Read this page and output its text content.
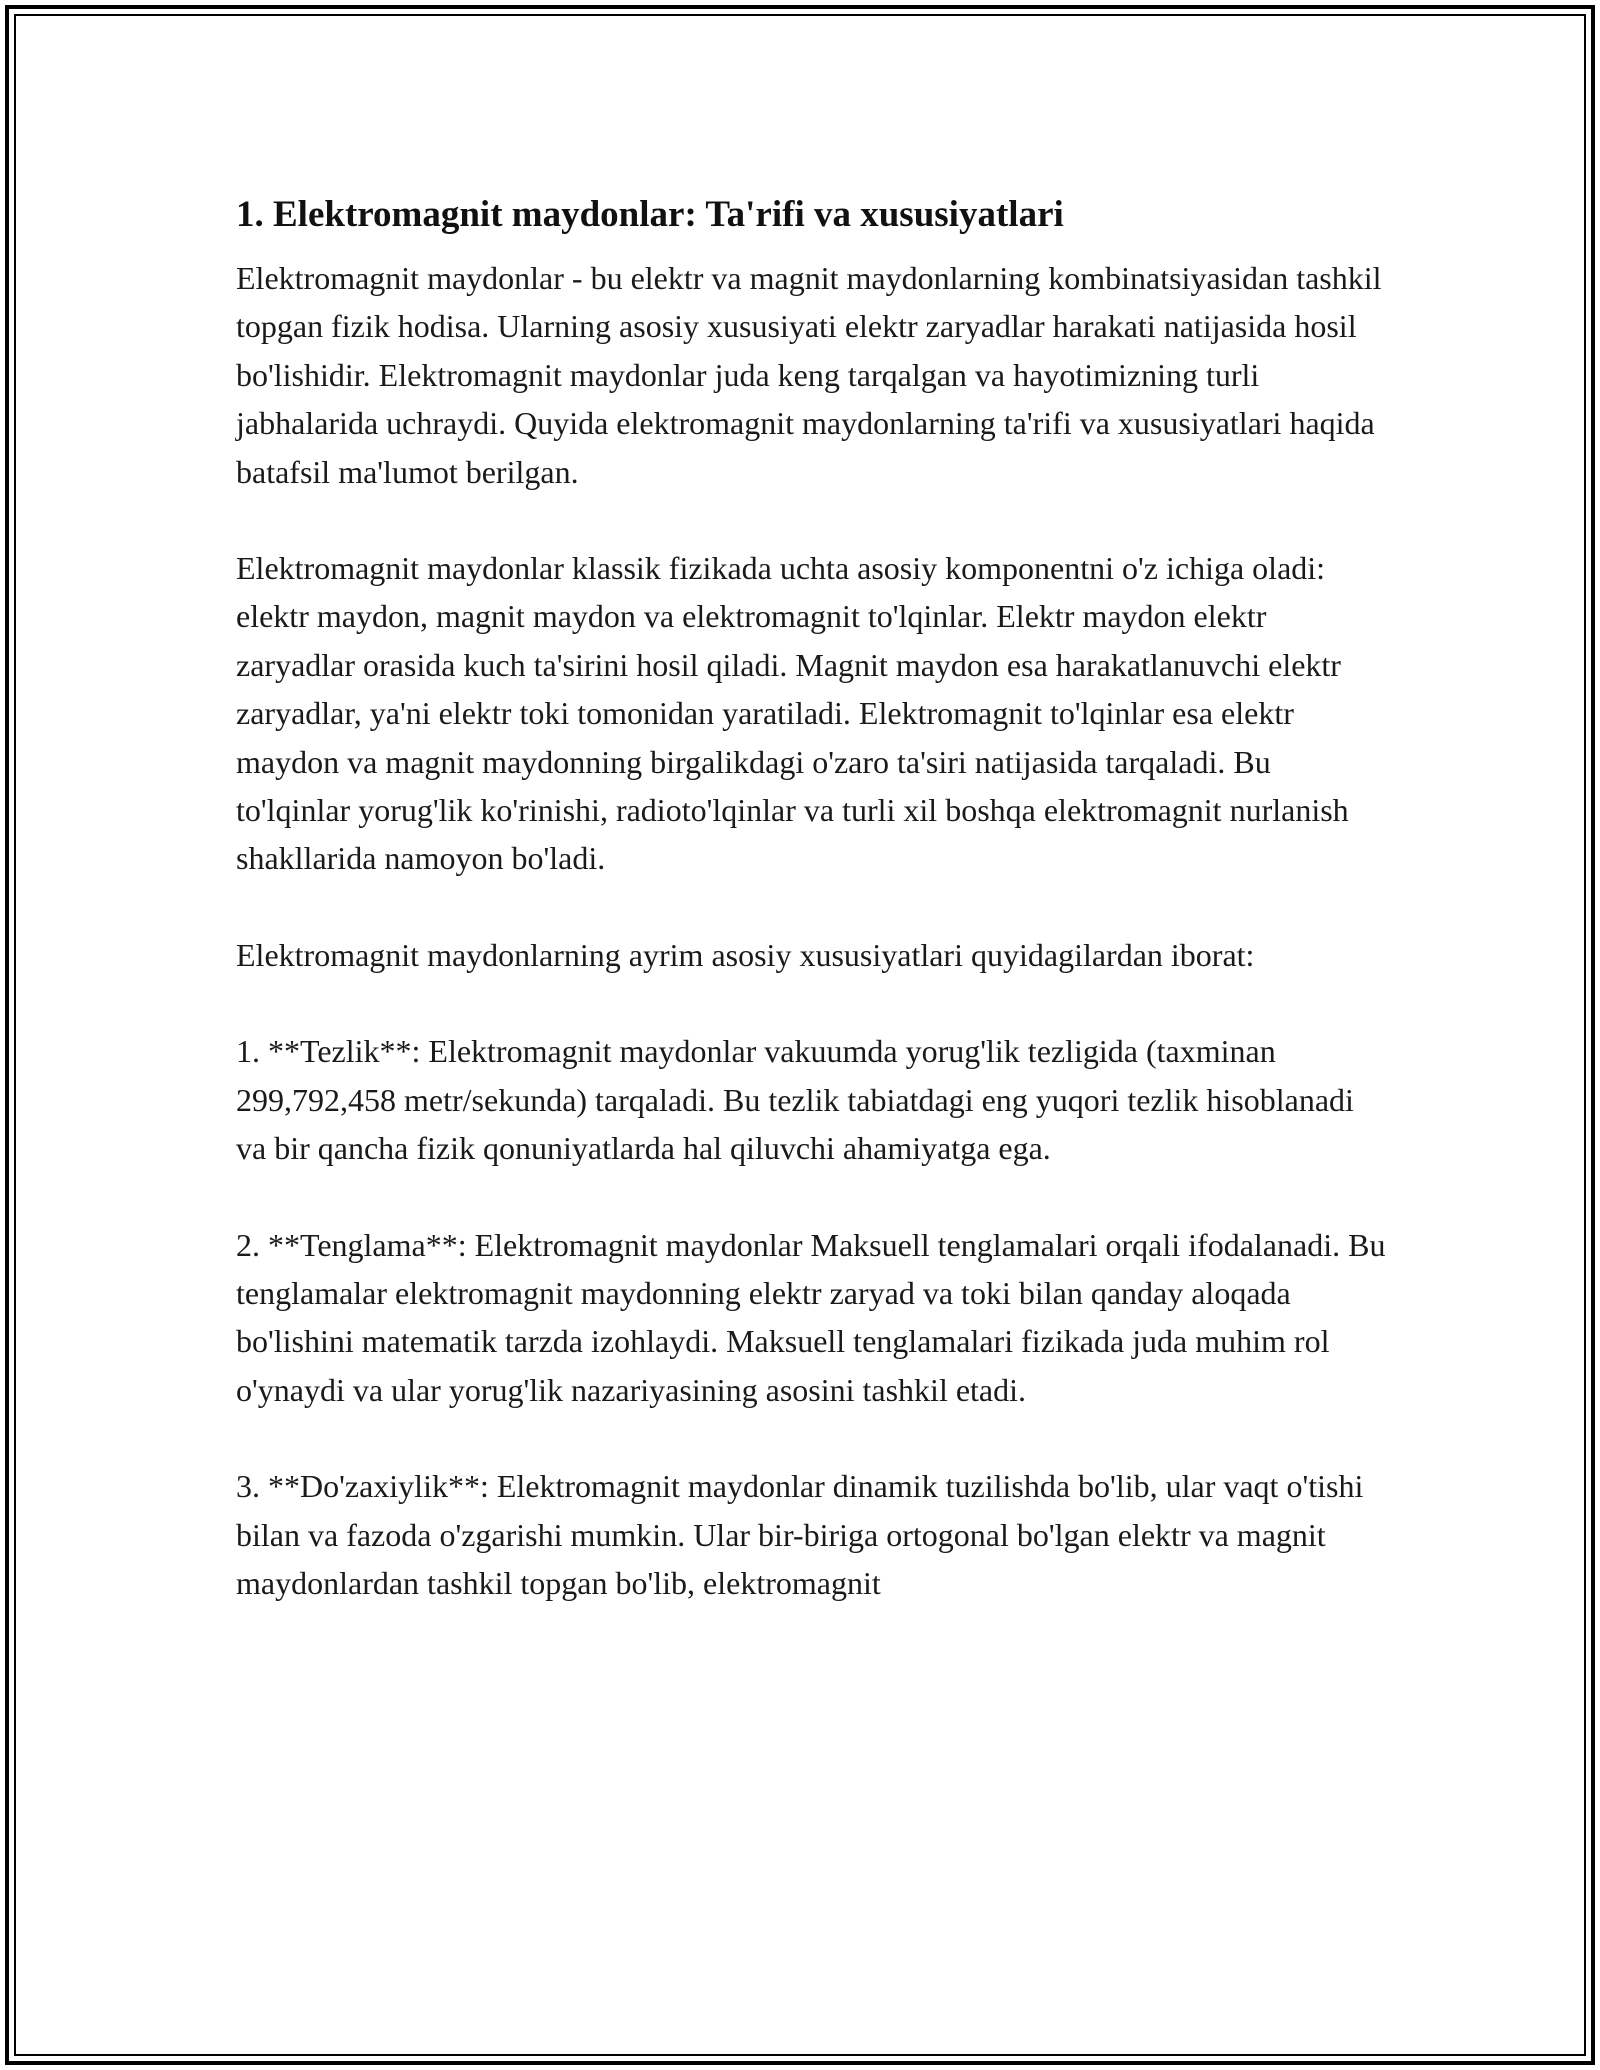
1. Elektromagnit maydonlar: Ta'rifi va xususiyatlari

Elektromagnit maydonlar - bu elektr va magnit maydonlarning kombinatsiyasidan tashkil topgan fizik hodisa. Ularning asosiy xususiyati elektr zaryadlar harakati natijasida hosil bo'lishidir. Elektromagnit maydonlar juda keng tarqalgan va hayotimizning turli jabhalarida uchraydi. Quyida elektromagnit maydonlarning ta'rifi va xususiyatlari haqida batafsil ma'lumot berilgan.

Elektromagnit maydonlar klassik fizikada uchta asosiy komponentni o'z ichiga oladi: elektr maydon, magnit maydon va elektromagnit to'lqinlar. Elektr maydon elektr zaryadlar orasida kuch ta'sirini hosil qiladi. Magnit maydon esa harakatlanuvchi elektr zaryadlar, ya'ni elektr toki tomonidan yaratiladi. Elektromagnit to'lqinlar esa elektr maydon va magnit maydonning birgalikdagi o'zaro ta'siri natijasida tarqaladi. Bu to'lqinlar yorug'lik ko'rinishi, radioto'lqinlar va turli xil boshqa elektromagnit nurlanish shakllarida namoyon bo'ladi.

Elektromagnit maydonlarning ayrim asosiy xususiyatlari quyidagilardan iborat:

1. **Tezlik**: Elektromagnit maydonlar vakuumda yorug'lik tezligida (taxminan 299,792,458 metr/sekunda) tarqaladi. Bu tezlik tabiatdagi eng yuqori tezlik hisoblanadi va bir qancha fizik qonuniyatlarda hal qiluvchi ahamiyatga ega.

2. **Tenglama**: Elektromagnit maydonlar Maksuell tenglamalari orqali ifodalanadi. Bu tenglamalar elektromagnit maydonning elektr zaryad va toki bilan qanday aloqada bo'lishini matematik tarzda izohlaydi. Maksuell tenglamalari fizikada juda muhim rol o'ynaydi va ular yorug'lik nazariyasining asosini tashkil etadi.

3. **Do'zaxiylik**: Elektromagnit maydonlar dinamik tuzilishda bo'lib, ular vaqt o'tishi bilan va fazoda o'zgarishi mumkin. Ular bir-biriga ortogonal bo'lgan elektr va magnit maydonlardan tashkil topgan bo'lib, elektromagnit
